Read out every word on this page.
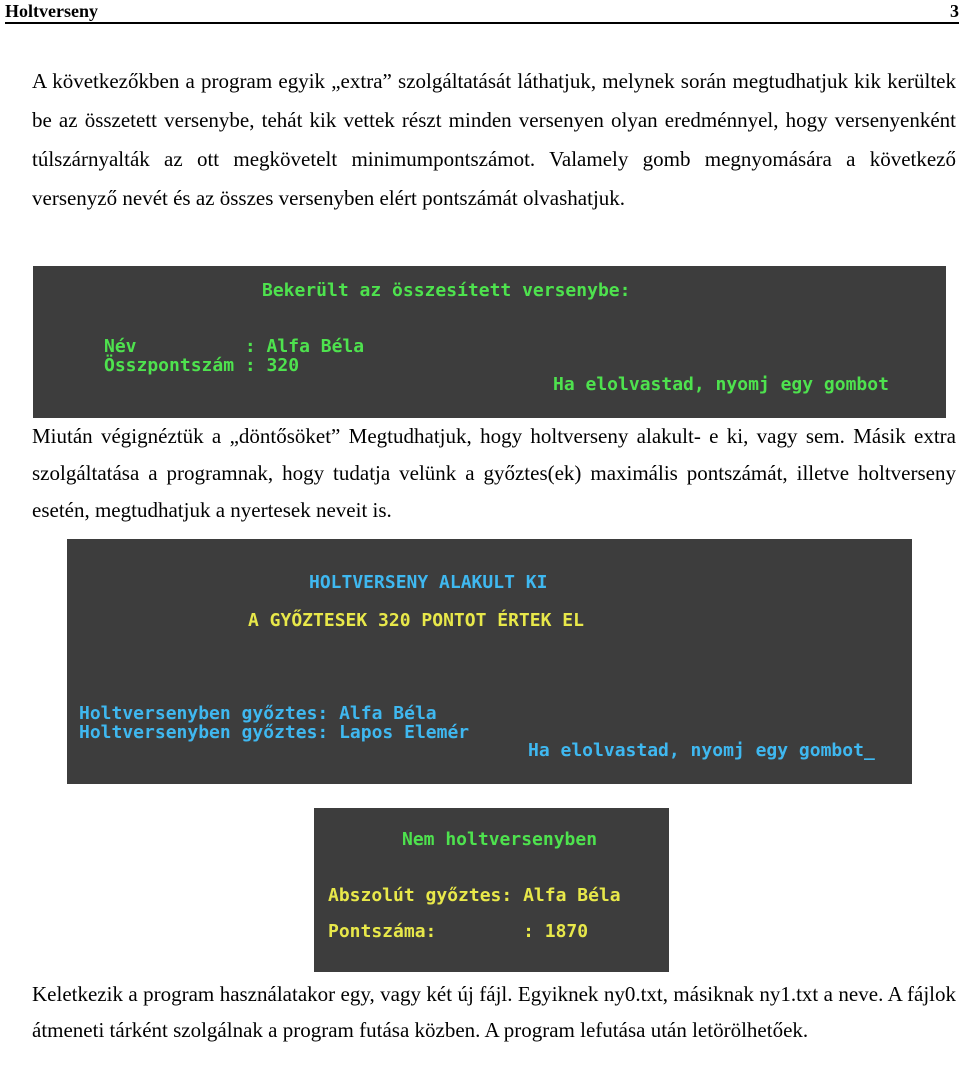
Holtverseny	3

A következőkben a program egyik „extra” szolgáltatását láthatjuk, melynek során megtudhatjuk kik kerültek be az összetett versenybe, tehát kik vettek részt minden versenyen olyan eredménnyel, hogy versenyenként túlszárnyalták az ott megkövetelt minimumpontszámot. Valamely gomb megnyomására a következő versenyző nevét és az összes versenyben elért pontszámát olvashatjuk.

Bekerült az összesített versenybe:

Név          : Alfa Béla

Összpontszám : 320

Ha elolvastad, nyomj egy gombot

Miután végignéztük a „döntősöket” Megtudhatjuk, hogy holtverseny alakult- e ki, vagy sem. Másik extra szolgáltatása a programnak, hogy tudatja velünk a győztes(ek) maximális pontszámát, illetve holtverseny esetén, megtudhatjuk a nyertesek neveit is.

HOLTVERSENY ALAKULT KI

A GYŐZTESEK 320 PONTOT ÉRTEK EL

Holtversenyben győztes: Alfa Béla

Holtversenyben győztes: Lapos Elemér

Ha elolvastad, nyomj egy gombot_

Nem holtversenyben

Abszolút győztes: Alfa Béla

Pontszáma:        : 1870

Keletkezik a program használatakor egy, vagy két új fájl. Egyiknek ny0.txt, másiknak ny1.txt a neve. A fájlok átmeneti tárként szolgálnak a program futása közben. A program lefutása után letörölhetőek.
